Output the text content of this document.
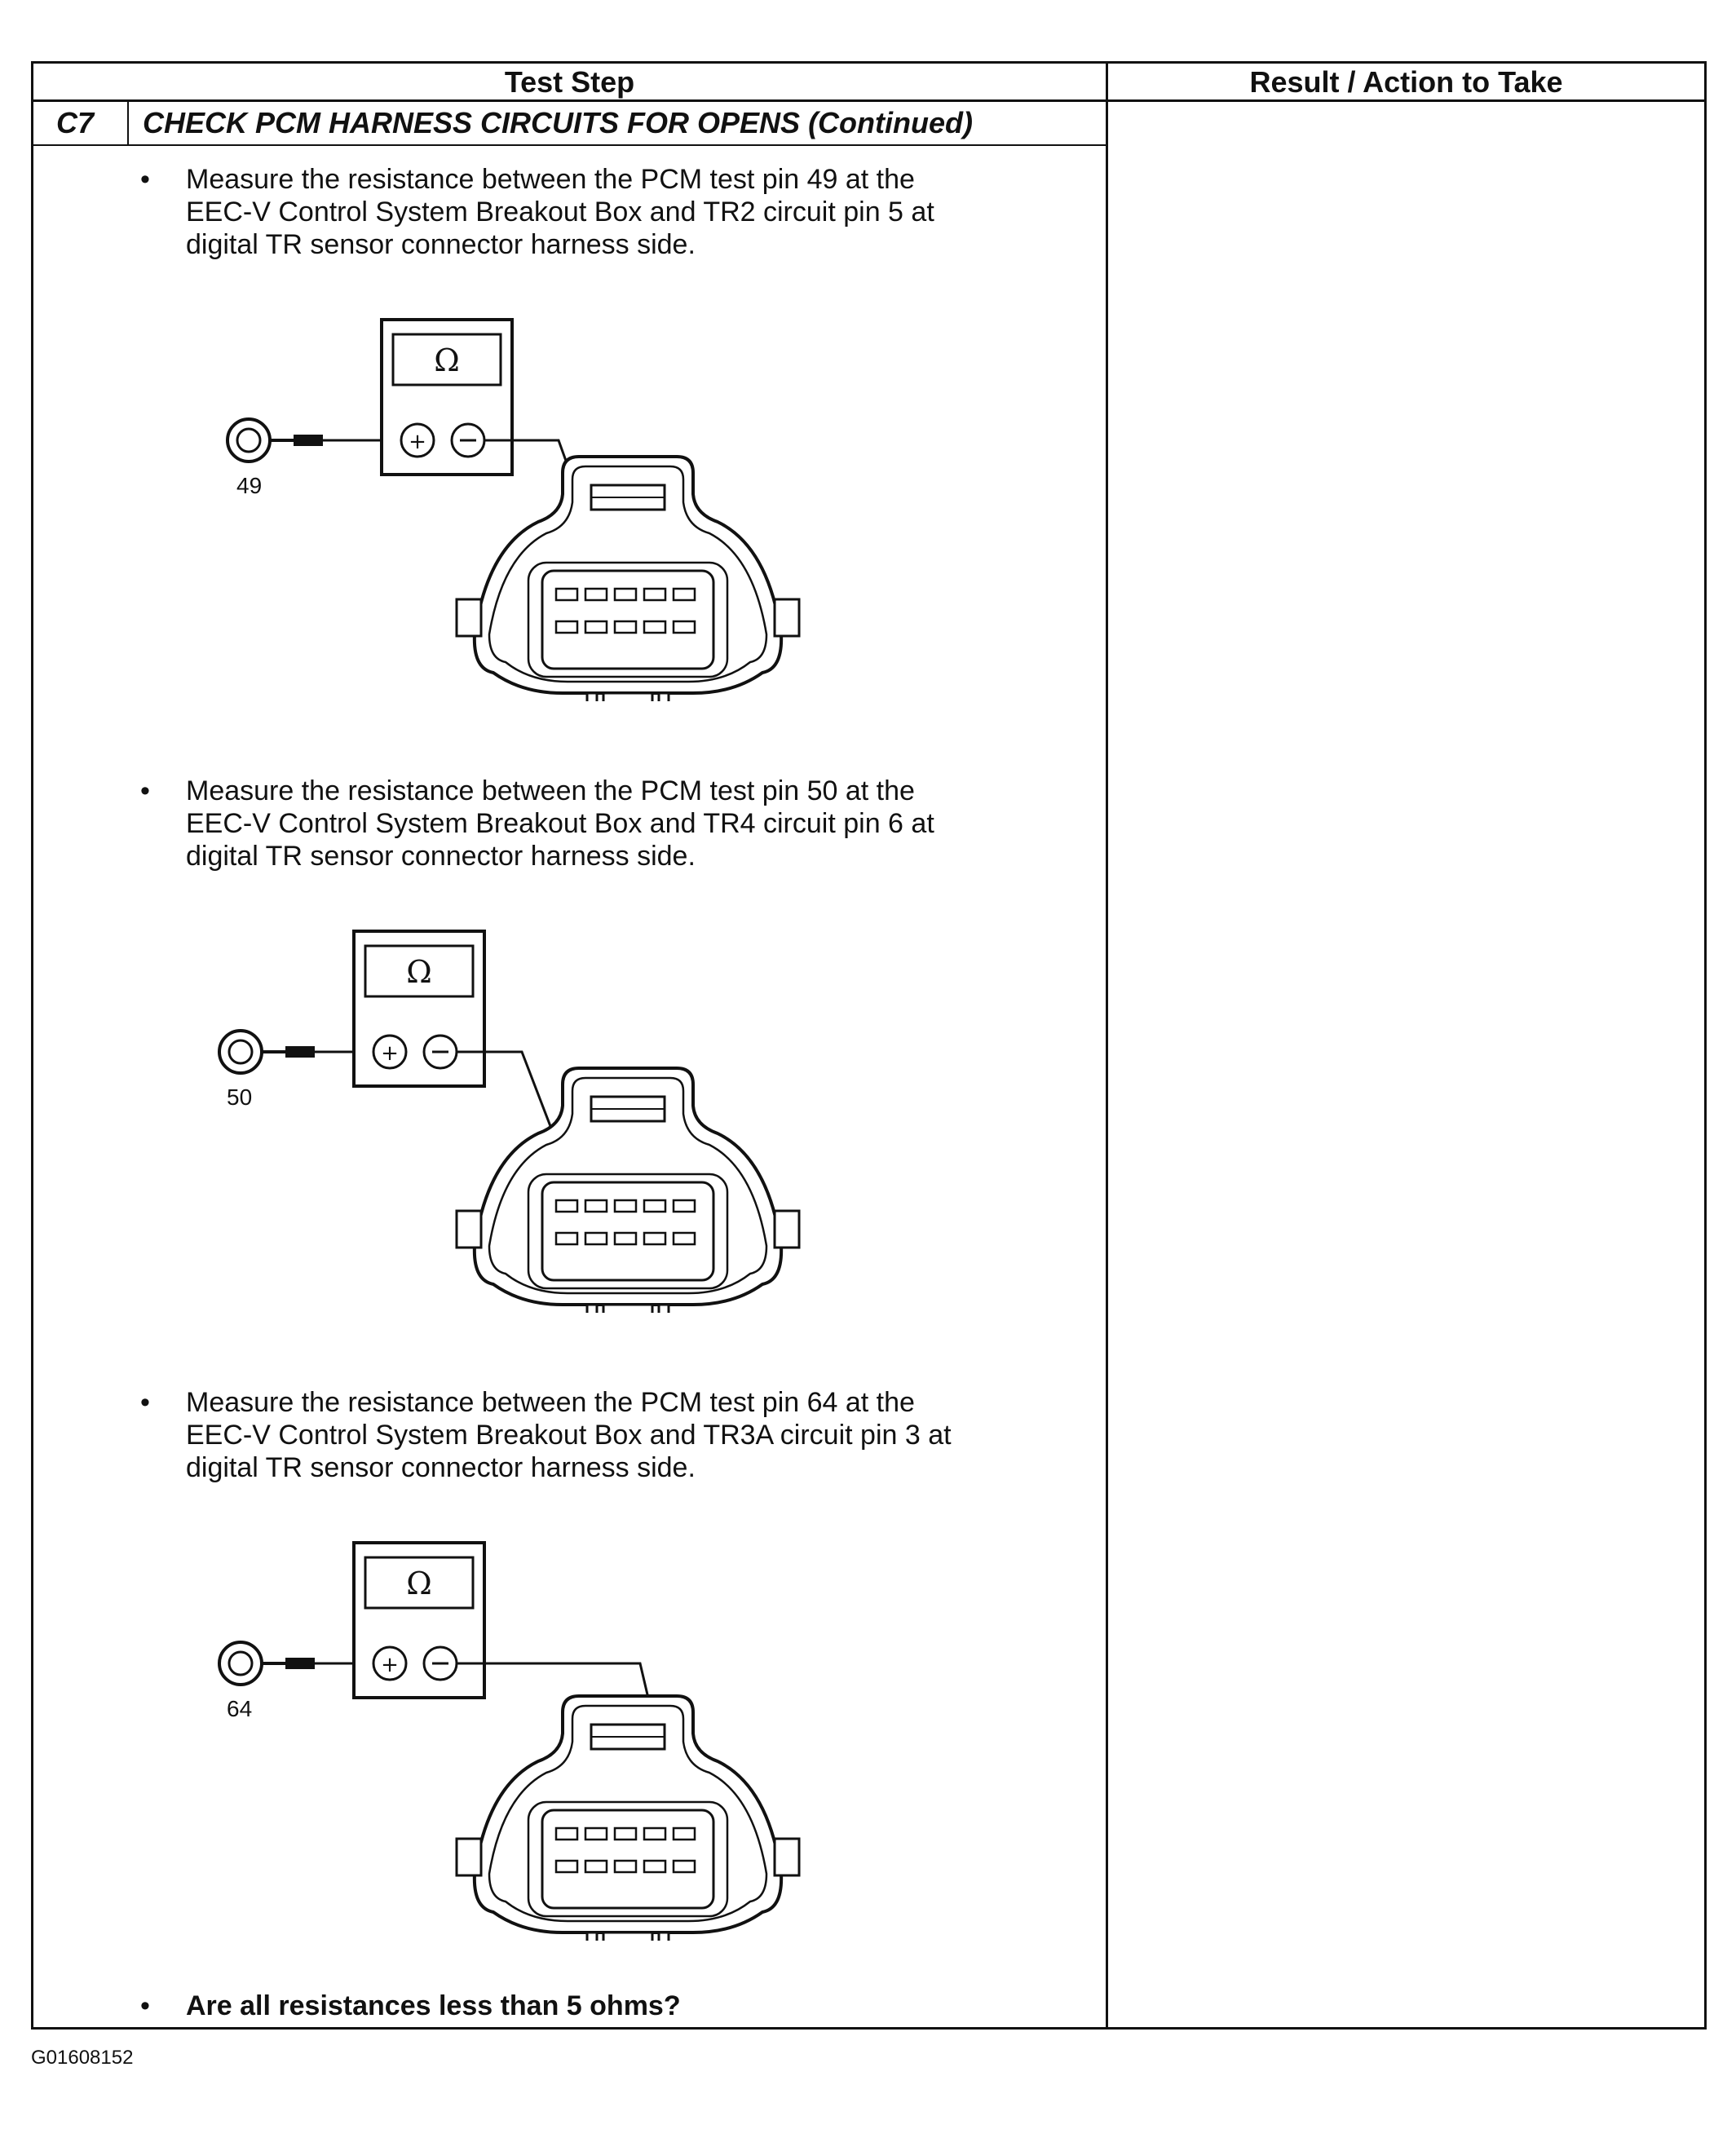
Test Step	Result / Action to Take
C7 CHECK PCM HARNESS CIRCUITS FOR OPENS (Continued)
• Measure the resistance between the PCM test pin 49 at the
EEC-V Control System Breakout Box and TR2 circuit pin 5 at
digital TR sensor connector harness side.
Ω
+
49
• Measure the resistance between the PCM test pin 50 at the
EEC-V Control System Breakout Box and TR4 circuit pin 6 at
digital TR sensor connector harness side.
Ω
+
50
• Measure the resistance between the PCM test pin 64 at the
EEC-V Control System Breakout Box and TR3A circuit pin 3 at
digital TR sensor connector harness side.
Ω
+
64
• Are all resistances less than 5 ohms?
G01608152
